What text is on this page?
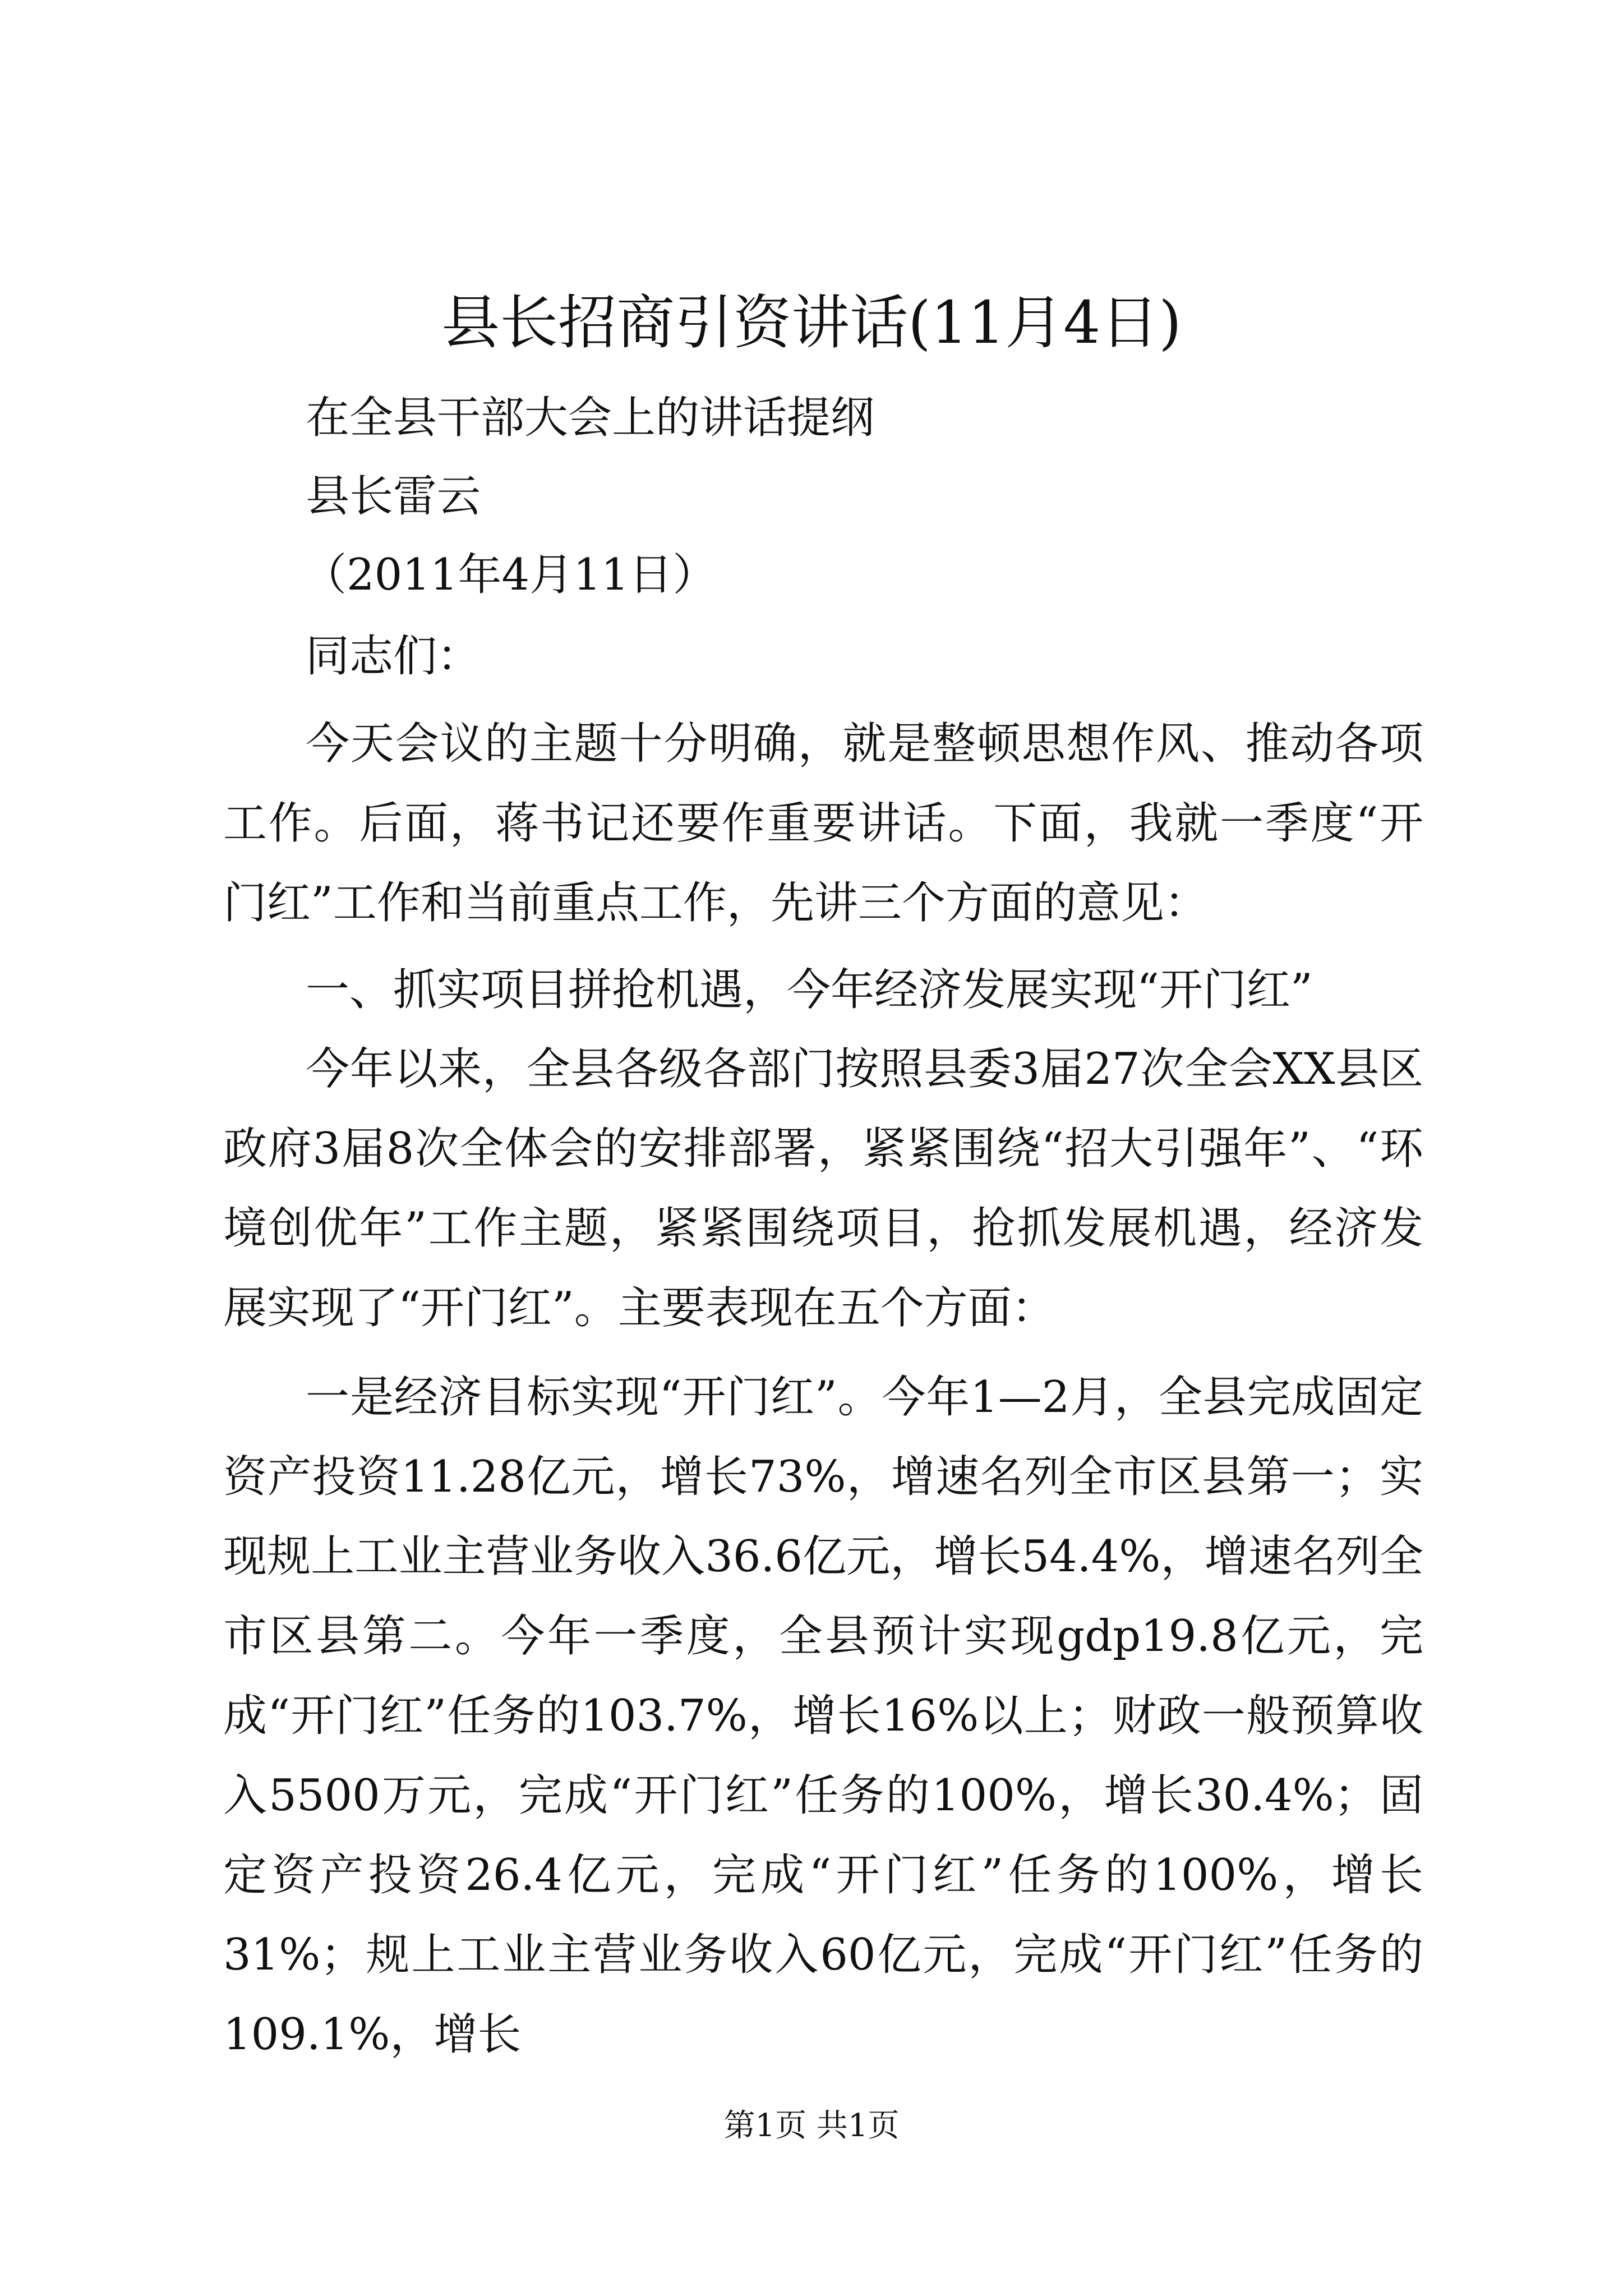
县长招商引资讲话(11月4日)
在全县干部大会上的讲话提纲
县长雷云
（2011年4月11日）
同志们：
今天会议的主题十分明确，就是整顿思想作风、推动各项工作。后面，蒋书记还要作重要讲话。下面，我就一季度“开门红”工作和当前重点工作，先讲三个方面的意见：
一、抓实项目拼抢机遇，今年经济发展实现“开门红”
今年以来，全县各级各部门按照县委3届27次全会XX县区政府3届8次全体会的安排部署，紧紧围绕“招大引强年”、“环境创优年”工作主题，紧紧围绕项目，抢抓发展机遇，经济发展实现了“开门红”。主要表现在五个方面：
一是经济目标实现“开门红”。今年1—2月，全县完成固定资产投资11.28亿元，增长73%，增速名列全市区县第一；实现规上工业主营业务收入36.6亿元，增长54.4%，增速名列全市区县第二。今年一季度，全县预计实现gdp19.8亿元，完成“开门红”任务的103.7%，增长16%以上；财政一般预算收入5500万元，完成“开门红”任务的100%，增长30.4%；固定资产投资26.4亿元，完成“开门红”任务的100%，增长31%；规上工业主营业务收入60亿元，完成“开门红”任务的109.1%，增长
第1页 共1页
